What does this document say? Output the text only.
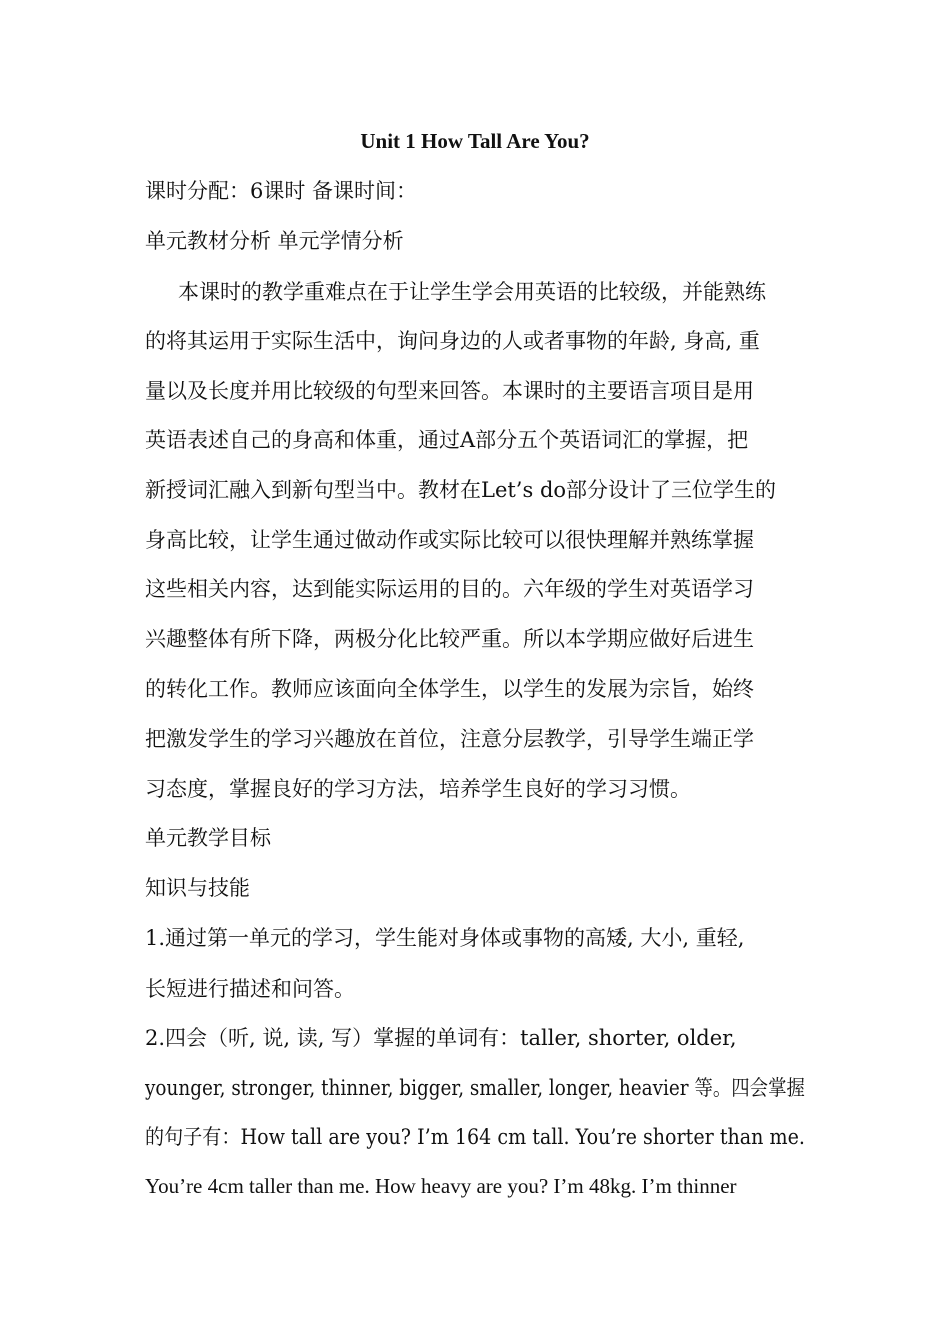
Unit 1 How Tall Are You?
课时分配：6课时 备课时间：
单元教材分析 单元学情分析
本课时的教学重难点在于让学生学会用英语的比较级，并能熟练
的将其运用于实际生活中，询问身边的人或者事物的年龄, 身高, 重
量以及长度并用比较级的句型来回答。本课时的主要语言项目是用
英语表述自己的身高和体重，通过A部分五个英语词汇的掌握，把
新授词汇融入到新句型当中。教材在Let’s do部分设计了三位学生的
身高比较，让学生通过做动作或实际比较可以很快理解并熟练掌握
这些相关内容，达到能实际运用的目的。六年级的学生对英语学习
兴趣整体有所下降，两极分化比较严重。所以本学期应做好后进生
的转化工作。教师应该面向全体学生，以学生的发展为宗旨，始终
把激发学生的学习兴趣放在首位，注意分层教学，引导学生端正学
习态度，掌握良好的学习方法，培养学生良好的学习习惯。
单元教学目标
知识与技能
1.通过第一单元的学习，学生能对身体或事物的高矮, 大小, 重轻,
长短进行描述和问答。
2.四会（听, 说, 读, 写）掌握的单词有：taller, shorter, older,
younger, stronger, thinner, bigger, smaller, longer, heavier 等。四会掌握
的句子有：How tall are you? I’m 164 cm tall. You’re shorter than me.
You’re 4cm taller than me. How heavy are you? I’m 48kg. I’m thinner
